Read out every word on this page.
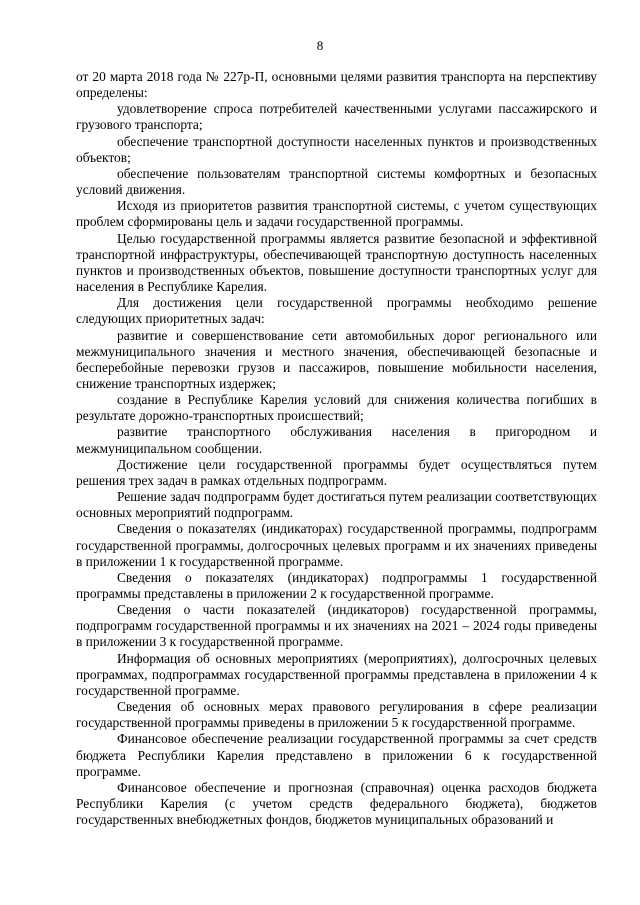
8

от 20 марта 2018 года № 227р-П, основными целями развития транспорта на перспективу определены:

удовлетворение спроса потребителей качественными услугами пассажирского и грузового транспорта;

обеспечение транспортной доступности населенных пунктов и производственных объектов;

обеспечение пользователям транспортной системы комфортных и безопасных условий движения.

Исходя из приоритетов развития транспортной системы, с учетом существующих проблем сформированы цель и задачи государственной программы.

Целью государственной программы является развитие безопасной и эффективной транспортной инфраструктуры, обеспечивающей транспортную доступность населенных пунктов и производственных объектов, повышение доступности транспортных услуг для населения в Республике Карелия.

Для достижения цели государственной программы необходимо решение следующих приоритетных задач:

развитие и совершенствование сети автомобильных дорог регионального или межмуниципального значения и местного значения, обеспечивающей безопасные и бесперебойные перевозки грузов и пассажиров, повышение мобильности населения, снижение транспортных издержек;

создание в Республике Карелия условий для снижения количества погибших в результате дорожно-транспортных происшествий;

развитие транспортного обслуживания населения в пригородном и межмуниципальном сообщении.

Достижение цели государственной программы будет осуществляться путем решения трех задач в рамках отдельных подпрограмм.

Решение задач подпрограмм будет достигаться путем реализации соответствующих основных мероприятий подпрограмм.

Сведения о показателях (индикаторах) государственной программы, подпрограмм государственной программы, долгосрочных целевых программ и их значениях приведены в приложении 1 к государственной программе.

Сведения о показателях (индикаторах) подпрограммы 1 государственной программы представлены в приложении 2 к государственной программе.

Сведения о части показателей (индикаторов) государственной программы, подпрограмм государственной программы и их значениях на 2021 – 2024 годы приведены в приложении 3 к государственной программе.

Информация об основных мероприятиях (мероприятиях), долгосрочных целевых программах, подпрограммах государственной программы представлена в приложении 4 к государственной программе.

Сведения об основных мерах правового регулирования в сфере реализации государственной программы приведены в приложении 5 к государственной программе.

Финансовое обеспечение реализации государственной программы за счет средств бюджета Республики Карелия представлено в приложении 6 к государственной программе.

Финансовое обеспечение и прогнозная (справочная) оценка расходов бюджета Республики Карелия (с учетом средств федерального бюджета), бюджетов государственных внебюджетных фондов, бюджетов муниципальных образований и
